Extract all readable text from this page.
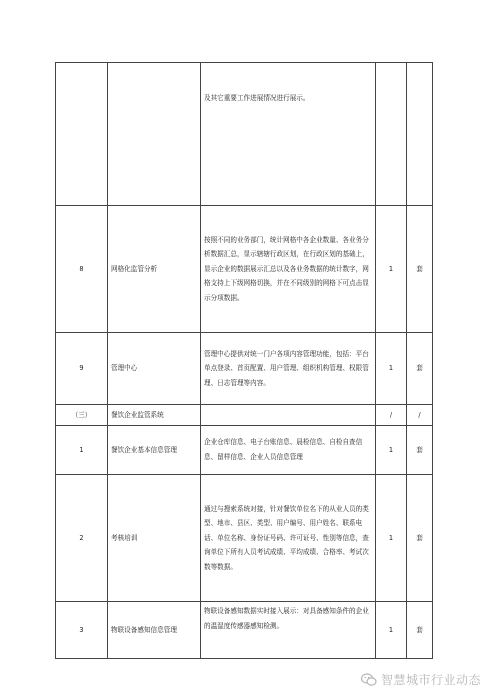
		及其它重要工作进展情况进行展示。		
8	网格化监管分析	按照不同的业务部门，统计网格中各企业数量、各业务分析数据汇总，显示辖辖行政区划，在行政区划的基础上，显示企业的数据展示汇总以及各业务数据的统计数字，网格支持上下级网格切换，并在不同级别的网格下可点击显示分项数据。	1	套
9	管理中心	管理中心提供对统一门户各项内容管理功能，包括：平台单点登录、首页配置、用户管理、组织机构管理、权限管理、日志管理等内容。	1	套
（三）	餐饮企业监管系统		/	/
1	餐饮企业基本信息管理	企业仓库信息、电子台账信息、晨检信息、自检自查信息、留样信息、企业人员信息管理	1	套
2	考核培训	通过与搜索系统对接，针对餐饮单位名下的从业人员的类型、地市、县区、类型、用户编号、用户姓名、联系电话、单位名称、身份证号码、许可证号、性别等信息，查询单位下所有人员考试成绩、平均成绩、合格率、考试次数等数据。	1	套
3	物联设备感知信息管理	物联设备感知数据实时接入展示：对具备感知条件的企业的温湿度传感器感知检测。	1	套
智慧城市行业动态
